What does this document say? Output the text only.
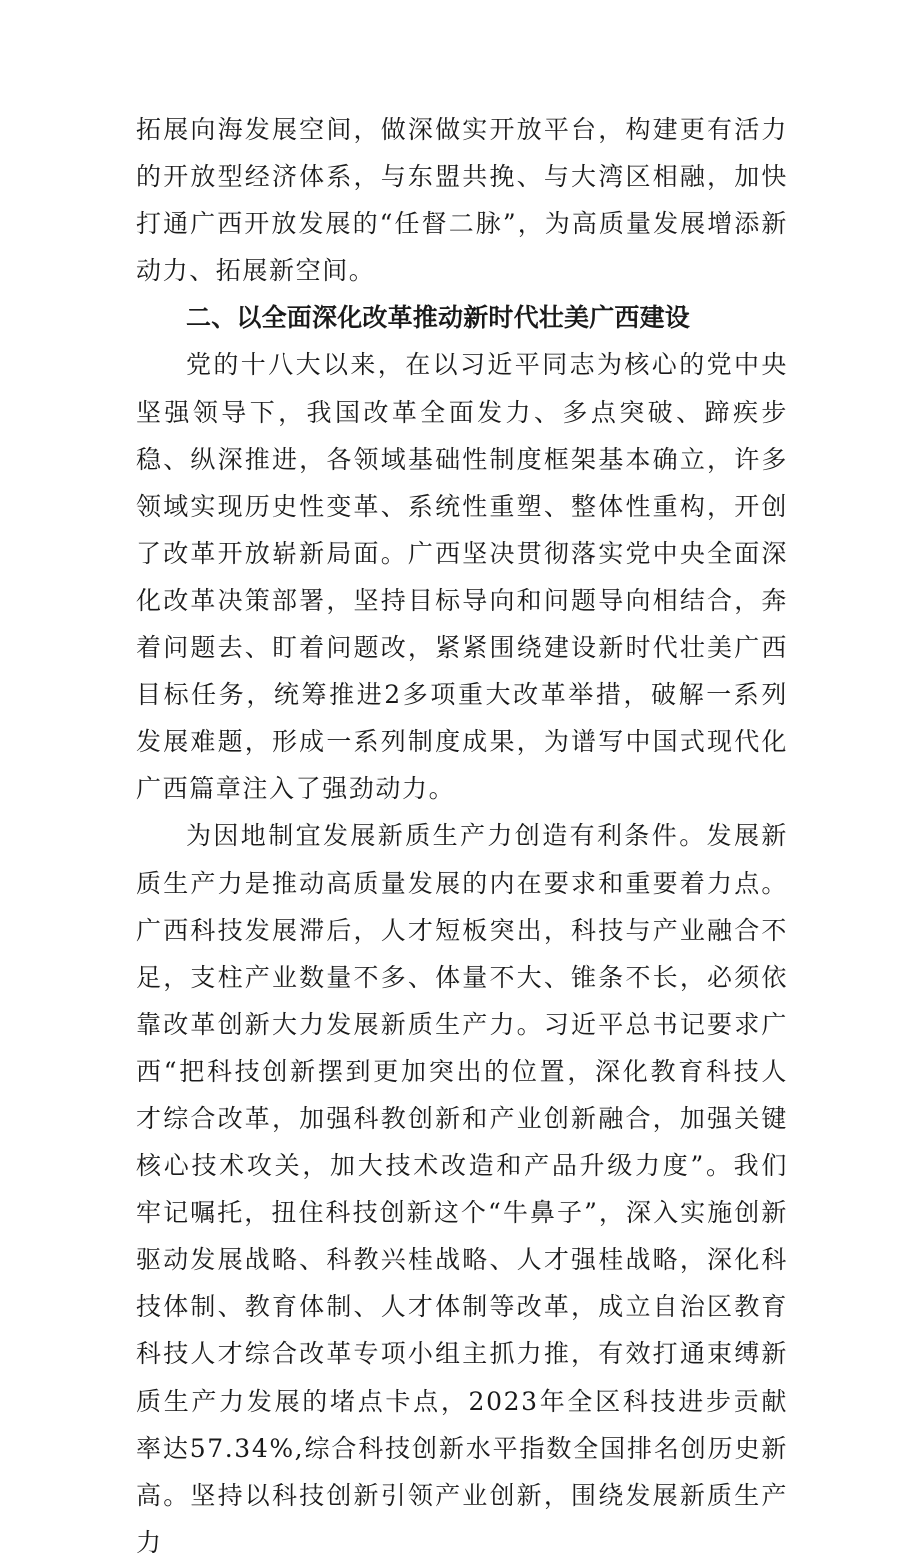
拓展向海发展空间，做深做实开放平台，构建更有活力的开放型经济体系，与东盟共挽、与大湾区相融，加快打通广西开放发展的“任督二脉”，为高质量发展增添新动力、拓展新空间。

二、以全面深化改革推动新时代壮美广西建设

党的十八大以来，在以习近平同志为核心的党中央坚强领导下，我国改革全面发力、多点突破、蹄疾步稳、纵深推进，各领域基础性制度框架基本确立，许多领域实现历史性变革、系统性重塑、整体性重构，开创了改革开放崭新局面。广西坚决贯彻落实党中央全面深化改革决策部署，坚持目标导向和问题导向相结合，奔着问题去、盯着问题改，紧紧围绕建设新时代壮美广西目标任务，统筹推进2多项重大改革举措，破解一系列发展难题，形成一系列制度成果，为谱写中国式现代化广西篇章注入了强劲动力。

为因地制宜发展新质生产力创造有利条件。发展新质生产力是推动高质量发展的内在要求和重要着力点。广西科技发展滞后，人才短板突出，科技与产业融合不足，支柱产业数量不多、体量不大、锥条不长，必须依靠改革创新大力发展新质生产力。习近平总书记要求广西“把科技创新摆到更加突出的位置，深化教育科技人才综合改革，加强科教创新和产业创新融合，加强关键核心技术攻关，加大技术改造和产品升级力度”。我们牢记嘱托，扭住科技创新这个“牛鼻子”，深入实施创新驱动发展战略、科教兴桂战略、人才强桂战略，深化科技体制、教育体制、人才体制等改革，成立自治区教育科技人才综合改革专项小组主抓力推，有效打通束缚新质生产力发展的堵点卡点，2023年全区科技进步贡献率达57.34%,综合科技创新水平指数全国排名创历史新高。坚持以科技创新引领产业创新，围绕发展新质生产力
